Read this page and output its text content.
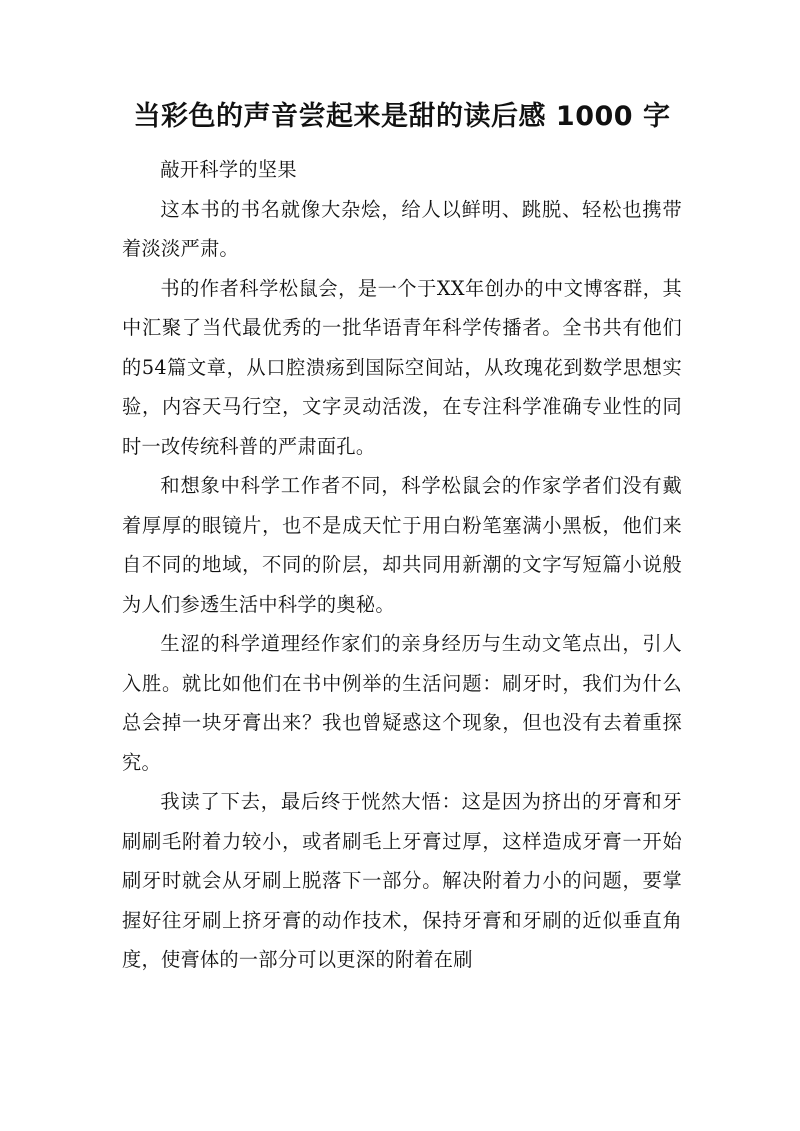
当彩色的声音尝起来是甜的读后感 1000 字

敲开科学的坚果

这本书的书名就像大杂烩，给人以鲜明、跳脱、轻松也携带着淡淡严肃。

书的作者科学松鼠会，是一个于XX年创办的中文博客群，其中汇聚了当代最优秀的一批华语青年科学传播者。全书共有他们的54篇文章，从口腔溃疡到国际空间站，从玫瑰花到数学思想实验，内容天马行空，文字灵动活泼，在专注科学准确专业性的同时一改传统科普的严肃面孔。

和想象中科学工作者不同，科学松鼠会的作家学者们没有戴着厚厚的眼镜片，也不是成天忙于用白粉笔塞满小黑板，他们来自不同的地域，不同的阶层，却共同用新潮的文字写短篇小说般为人们参透生活中科学的奥秘。

生涩的科学道理经作家们的亲身经历与生动文笔点出，引人入胜。就比如他们在书中例举的生活问题：刷牙时，我们为什么总会掉一块牙膏出来？我也曾疑惑这个现象，但也没有去着重探究。

我读了下去，最后终于恍然大悟：这是因为挤出的牙膏和牙刷刷毛附着力较小，或者刷毛上牙膏过厚，这样造成牙膏一开始刷牙时就会从牙刷上脱落下一部分。解决附着力小的问题，要掌握好往牙刷上挤牙膏的动作技术，保持牙膏和牙刷的近似垂直角度，使膏体的一部分可以更深的附着在刷
